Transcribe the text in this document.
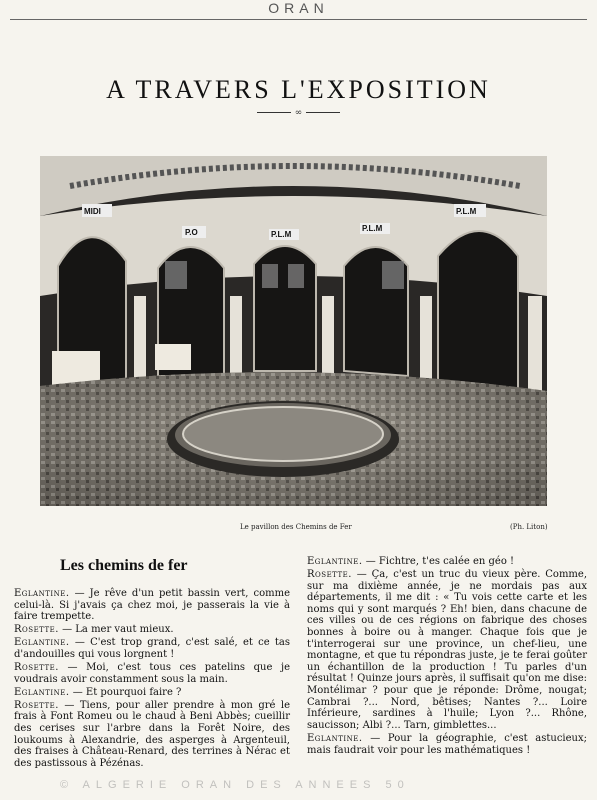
ORAN
A TRAVERS L'EXPOSITION
∞
MIDI
P.O	P.L.M
P.L.M
P.L.M
Le pavillon des Chemins de Fer	(Ph. Liton)
Les chemins de fer

Eglantine. — Je rêve d'un petit bassin vert, comme celui-là. Si j'avais ça chez moi, je passerais la vie à faire trempette.

Rosette. — La mer vaut mieux.

Eglantine. — C'est trop grand, c'est salé, et ce tas d'andouilles qui vous lorgnent !

Rosette. — Moi, c'est tous ces patelins que je voudrais avoir constamment sous la main.

Eglantine. — Et pourquoi faire ?

Rosette. — Tiens, pour aller prendre à mon gré le frais à Font Romeu ou le chaud à Beni Abbès; cueillir des cerises sur l'arbre dans la Forêt Noire, des loukoums à Alexandrie, des asperges à Argenteuil, des fraises à Château-Renard, des terrines à Nérac et des pastissous à Pézénas.

Eglantine. — Fichtre, t'es calée en géo !

Rosette. — Ça, c'est un truc du vieux père. Comme, sur ma dixième année, je ne mordais pas aux départements, il me dit : « Tu vois cette carte et les noms qui y sont marqués ? Eh! bien, dans chacune de ces villes ou de ces régions on fabrique des choses bonnes à boire ou à manger. Chaque fois que je t'interrogerai sur une province, un chef-lieu, une montagne, et que tu répondras juste, je te ferai goûter un échantillon de la production ! Tu parles d'un résultat ! Quinze jours après, il suffisait qu'on me dise: Montélimar ? pour que je réponde: Drôme, nougat; Cambrai ?... Nord, bêtises; Nantes ?... Loire Inférieure, sardines à l'huile; Lyon ?... Rhône, saucisson; Albi ?... Tarn, gimblettes...

Eglantine. — Pour la géographie, c'est astucieux; mais faudrait voir pour les mathématiques !

© ALGERIE ORAN DES ANNEES 50
